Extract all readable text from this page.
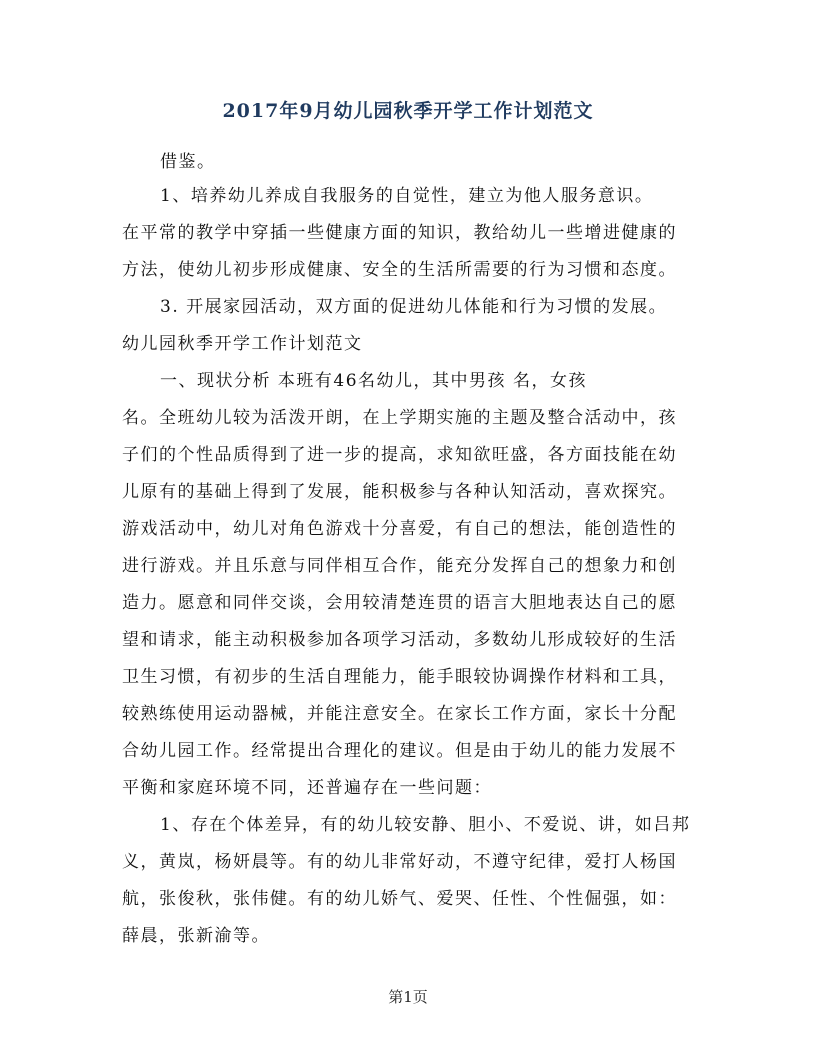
2017年9月幼儿园秋季开学工作计划范文
借鉴。
1、培养幼儿养成自我服务的自觉性，建立为他人服务意识。
在平常的教学中穿插一些健康方面的知识，教给幼儿一些增进健康的
方法，使幼儿初步形成健康、安全的生活所需要的行为习惯和态度。
3. 开展家园活动，双方面的促进幼儿体能和行为习惯的发展。
幼儿园秋季开学工作计划范文
一、现状分析 本班有46名幼儿，其中男孩 名，女孩
名。全班幼儿较为活泼开朗，在上学期实施的主题及整合活动中，孩
子们的个性品质得到了进一步的提高，求知欲旺盛，各方面技能在幼
儿原有的基础上得到了发展，能积极参与各种认知活动，喜欢探究。
游戏活动中，幼儿对角色游戏十分喜爱，有自己的想法，能创造性的
进行游戏。并且乐意与同伴相互合作，能充分发挥自己的想象力和创
造力。愿意和同伴交谈，会用较清楚连贯的语言大胆地表达自己的愿
望和请求，能主动积极参加各项学习活动，多数幼儿形成较好的生活
卫生习惯，有初步的生活自理能力，能手眼较协调操作材料和工具，
较熟练使用运动器械，并能注意安全。在家长工作方面，家长十分配
合幼儿园工作。经常提出合理化的建议。但是由于幼儿的能力发展不
平衡和家庭环境不同，还普遍存在一些问题：
1、存在个体差异，有的幼儿较安静、胆小、不爱说、讲，如吕邦
义，黄岚，杨妍晨等。有的幼儿非常好动，不遵守纪律，爱打人杨国
航，张俊秋，张伟健。有的幼儿娇气、爱哭、任性、个性倔强，如：
薛晨，张新渝等。
第1页
